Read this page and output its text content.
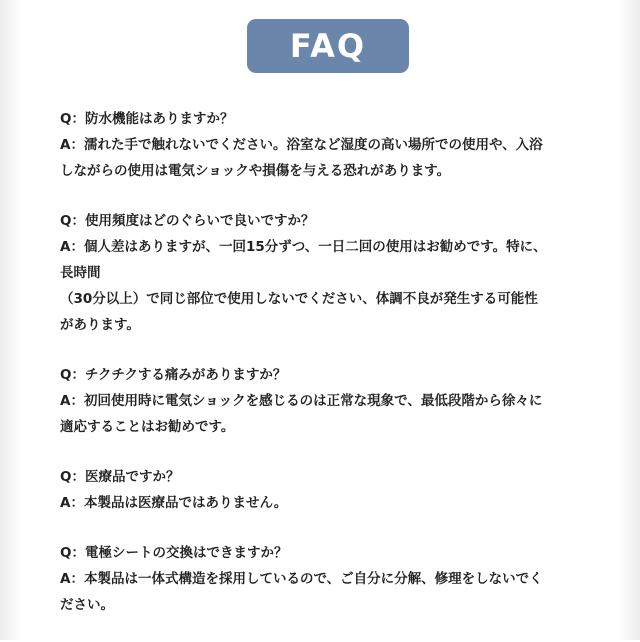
FAQ
Q：防水機能はありますか？
A：濡れた手で触れないでください。浴室など湿度の高い場所での使用や、入浴
しながらの使用は電気ショックや損傷を与える恐れがあります。
Q：使用頻度はどのぐらいで良いですか？
A：個人差はありますが、一回15分ずつ、一日二回の使用はお勧めです。特に、
長時間
（30分以上）で同じ部位で使用しないでください、体調不良が発生する可能性
があります。
Q：チクチクする痛みがありますか？
A：初回使用時に電気ショックを感じるのは正常な現象で、最低段階から徐々に
適応することはお勧めです。
Q：医療品ですか？
A：本製品は医療品ではありません。
Q：電極シートの交換はできますか？
A：本製品は一体式構造を採用しているので、ご自分に分解、修理をしないでく
ださい。
